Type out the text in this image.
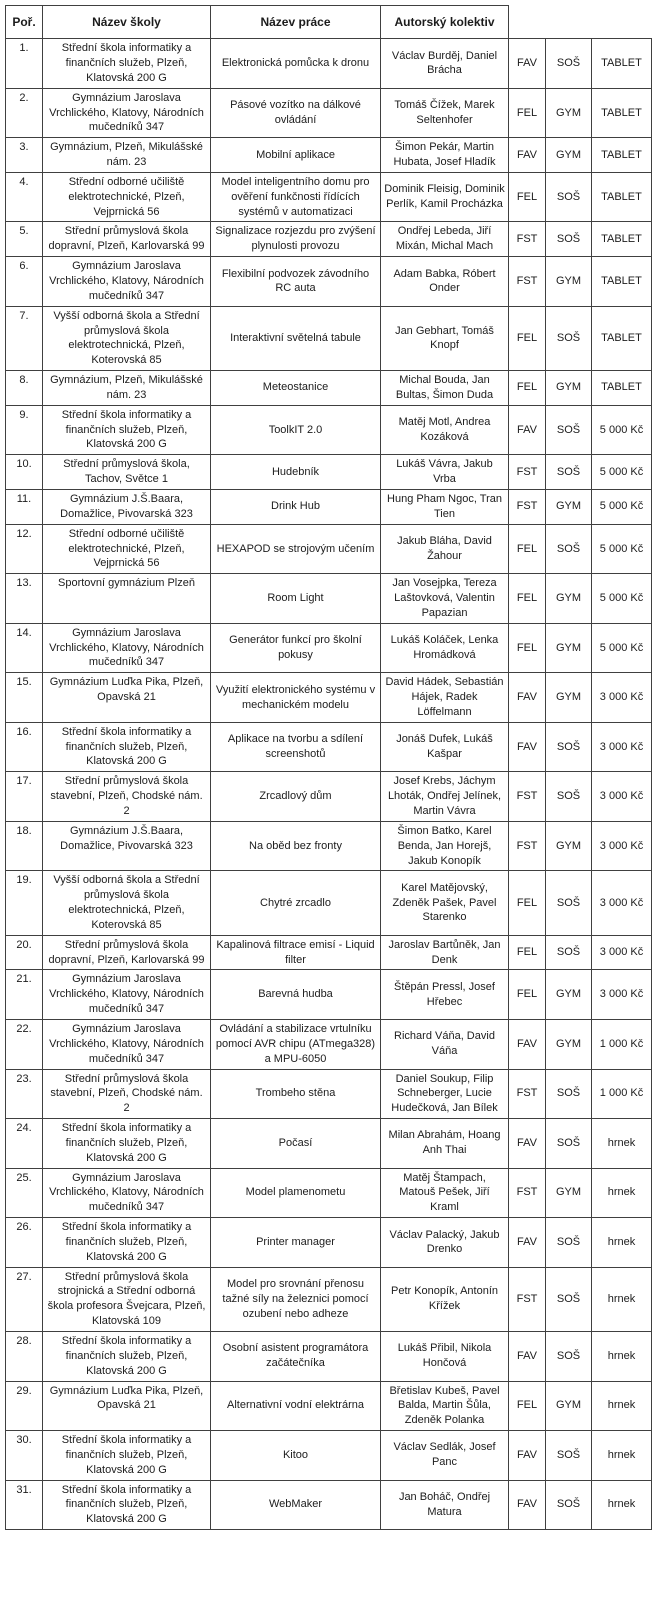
Poř.	Název školy	Název práce	Autorský kolektiv			
1.	Střední škola informatiky a finančních služeb, Plzeň, Klatovská 200 G	Elektronická pomůcka k dronu	Václav Burděj, Daniel Brácha	FAV	SOŠ	TABLET
2.	Gymnázium Jaroslava Vrchlického, Klatovy, Národních mučedníků 347	Pásové vozítko na dálkové ovládání	Tomáš Čížek, Marek Seltenhofer	FEL	GYM	TABLET
3.	Gymnázium, Plzeň, Mikulášské nám. 23	Mobilní aplikace	Šimon Pekár, Martin Hubata, Josef Hladík	FAV	GYM	TABLET
4.	Střední odborné učiliště elektrotechnické, Plzeň, Vejprnická 56	Model inteligentního domu pro ověření funkčnosti řídících systémů v automatizaci	Dominik Fleisig, Dominik Perlík, Kamil Procházka	FEL	SOŠ	TABLET
5.	Střední průmyslová škola dopravní, Plzeň, Karlovarská 99	Signalizace rozjezdu pro zvýšení plynulosti provozu	Ondřej Lebeda, Jiří Mixán, Michal Mach	FST	SOŠ	TABLET
6.	Gymnázium Jaroslava Vrchlického, Klatovy, Národních mučedníků 347	Flexibilní podvozek závodního RC auta	Adam Babka, Róbert Onder	FST	GYM	TABLET
7.	Vyšší odborná škola a Střední průmyslová škola elektrotechnická, Plzeň, Koterovská 85	Interaktivní světelná tabule	Jan Gebhart, Tomáš Knopf	FEL	SOŠ	TABLET
8.	Gymnázium, Plzeň, Mikulášské nám. 23	Meteostanice	Michal Bouda, Jan Bultas, Šimon Duda	FEL	GYM	TABLET
9.	Střední škola informatiky a finančních služeb, Plzeň, Klatovská 200 G	ToolkIT 2.0	Matěj Motl, Andrea Kozáková	FAV	SOŠ	5 000 Kč
10.	Střední průmyslová škola, Tachov, Světce 1	Hudebník	Lukáš Vávra, Jakub Vrba	FST	SOŠ	5 000 Kč
11.	Gymnázium J.Š.Baara, Domažlice, Pivovarská 323	Drink Hub	Hung Pham Ngoc, Tran Tien	FST	GYM	5 000 Kč
12.	Střední odborné učiliště elektrotechnické, Plzeň, Vejprnická 56	HEXAPOD se strojovým učením	Jakub Bláha, David Žahour	FEL	SOŠ	5 000 Kč
13.	Sportovní gymnázium Plzeň	Room Light	Jan Vosejpka, Tereza Laštovková, Valentin Papazian	FEL	GYM	5 000 Kč
14.	Gymnázium Jaroslava Vrchlického, Klatovy, Národních mučedníků 347	Generátor funkcí pro školní pokusy	Lukáš Koláček, Lenka Hromádková	FEL	GYM	5 000 Kč
15.	Gymnázium Luďka Pika, Plzeň, Opavská 21	Využití elektronického systému v mechanickém modelu	David Hádek, Sebastián Hájek, Radek Löffelmann	FAV	GYM	3 000 Kč
16.	Střední škola informatiky a finančních služeb, Plzeň, Klatovská 200 G	Aplikace na tvorbu a sdílení screenshotů	Jonáš Dufek, Lukáš Kašpar	FAV	SOŠ	3 000 Kč
17.	Střední průmyslová škola stavební, Plzeň, Chodské nám. 2	Zrcadlový dům	Josef Krebs, Jáchym Lhoták, Ondřej Jelínek, Martin Vávra	FST	SOŠ	3 000 Kč
18.	Gymnázium J.Š.Baara, Domažlice, Pivovarská 323	Na oběd bez fronty	Šimon Batko, Karel Benda, Jan Horejš, Jakub Konopík	FST	GYM	3 000 Kč
19.	Vyšší odborná škola a Střední průmyslová škola elektrotechnická, Plzeň, Koterovská 85	Chytré zrcadlo	Karel Matějovský, Zdeněk Pašek, Pavel Starenko	FEL	SOŠ	3 000 Kč
20.	Střední průmyslová škola dopravní, Plzeň, Karlovarská 99	Kapalinová filtrace emisí - Liquid filter	Jaroslav Bartůněk, Jan Denk	FEL	SOŠ	3 000 Kč
21.	Gymnázium Jaroslava Vrchlického, Klatovy, Národních mučedníků 347	Barevná hudba	Štěpán Pressl, Josef Hřebec	FEL	GYM	3 000 Kč
22.	Gymnázium Jaroslava Vrchlického, Klatovy, Národních mučedníků 347	Ovládání a stabilizace vrtulníku pomocí AVR chipu (ATmega328) a MPU-6050	Richard Váňa, David Váňa	FAV	GYM	1 000 Kč
23.	Střední průmyslová škola stavební, Plzeň, Chodské nám. 2	Trombeho stěna	Daniel Soukup, Filip Schneberger, Lucie Hudečková, Jan Bílek	FST	SOŠ	1 000 Kč
24.	Střední škola informatiky a finančních služeb, Plzeň, Klatovská 200 G	Počasí	Milan Abrahám, Hoang Anh Thai	FAV	SOŠ	hrnek
25.	Gymnázium Jaroslava Vrchlického, Klatovy, Národních mučedníků 347	Model plamenometu	Matěj Štampach, Matouš Pešek, Jiří Kraml	FST	GYM	hrnek
26.	Střední škola informatiky a finančních služeb, Plzeň, Klatovská 200 G	Printer manager	Václav Palacký, Jakub Drenko	FAV	SOŠ	hrnek
27.	Střední průmyslová škola strojnická a Střední odborná škola profesora Švejcara, Plzeň, Klatovská 109	Model pro srovnání přenosu tažné síly na železnici pomocí ozubení nebo adheze	Petr Konopík, Antonín Křížek	FST	SOŠ	hrnek
28.	Střední škola informatiky a finančních služeb, Plzeň, Klatovská 200 G	Osobní asistent programátora začátečníka	Lukáš Přibil, Nikola Hončová	FAV	SOŠ	hrnek
29.	Gymnázium Luďka Pika, Plzeň, Opavská 21	Alternativní vodní elektrárna	Břetislav Kubeš, Pavel Balda, Martin Šůla, Zdeněk Polanka	FEL	GYM	hrnek
30.	Střední škola informatiky a finančních služeb, Plzeň, Klatovská 200 G	Kitoo	Václav Sedlák, Josef Panc	FAV	SOŠ	hrnek
31.	Střední škola informatiky a finančních služeb, Plzeň, Klatovská 200 G	WebMaker	Jan Boháč, Ondřej Matura	FAV	SOŠ	hrnek
